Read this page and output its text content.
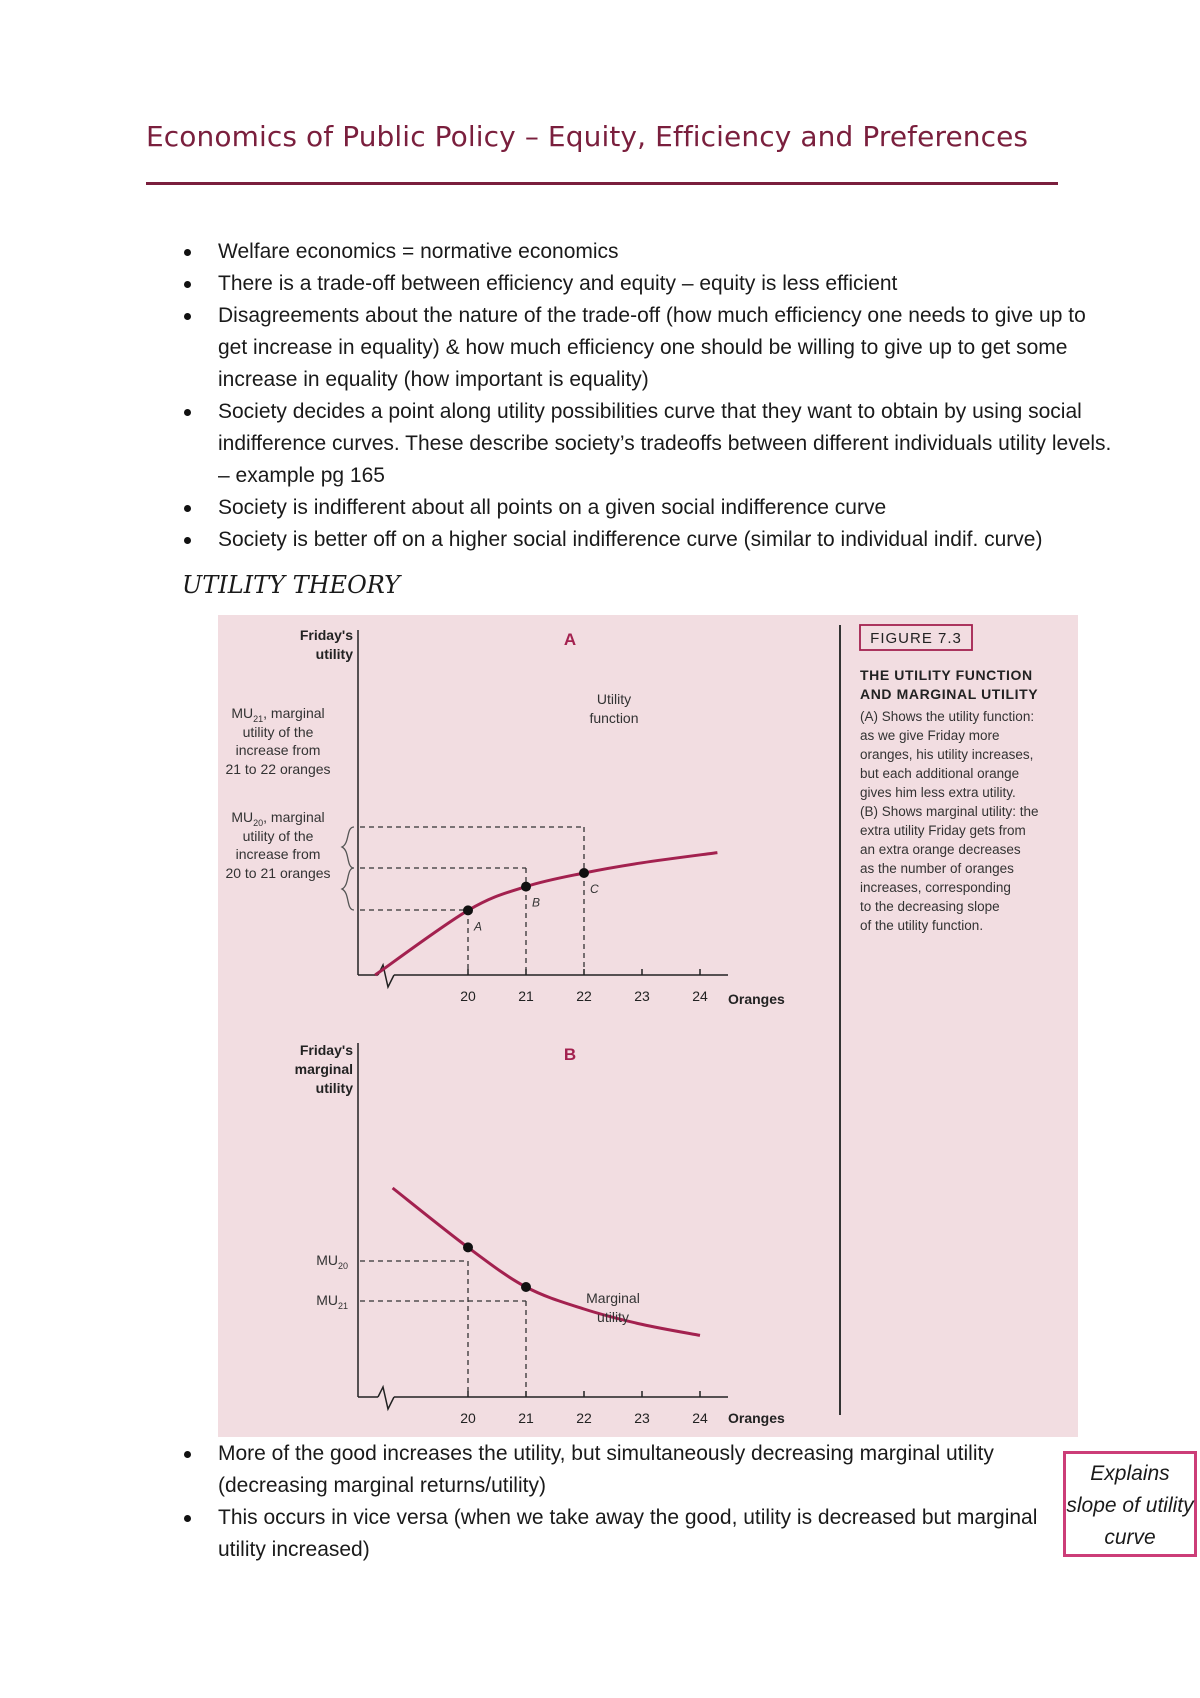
Economics of Public Policy – Equity, Efficiency and Preferences
Welfare economics = normative economics
There is a trade-off between efficiency and equity – equity is less efficient
Disagreements about the nature of the trade-off (how much efficiency one needs to give up to get increase in equality) & how much efficiency one should be willing to give up to get some increase in equality (how important is equality)
Society decides a point along utility possibilities curve that they want to obtain by using social indifference curves. These describe society’s tradeoffs between different individuals utility levels. – example pg 165
Society is indifferent about all points on a given social indifference curve
Society is better off on a higher social indifference curve (similar to individual indif. curve)
UTILITY THEORY
20	21	22	23	24 Oranges
Friday's
utility
A
A
B
C
Utility
function
$MU_{21}$, marginal
utility of the
increase from
21 to 22 oranges
$MU_{20}$, marginal
utility of the
increase from
20 to 21 oranges
FIGURE 7.3
THE UTILITY FUNCTION
AND MARGINAL UTILITY
(A) Shows the utility function:
as we give Friday more
oranges, his utility increases,
but each additional orange
gives him less extra utility.
(B) Shows marginal utility: the
extra utility Friday gets from
an extra orange decreases
as the number of oranges
increases, corresponding
to the decreasing slope
of the utility function.
20	21	22	23	24 Oranges
Friday's
marginal
utility
B
$MU_{20}$
$MU_{21}$	Marginal
utility
More of the good increases the utility, but simultaneously decreasing marginal utility (decreasing marginal returns/utility)
This occurs in vice versa (when we take away the good, utility is decreased but marginal utility increased)
Explains slope of utility curve
